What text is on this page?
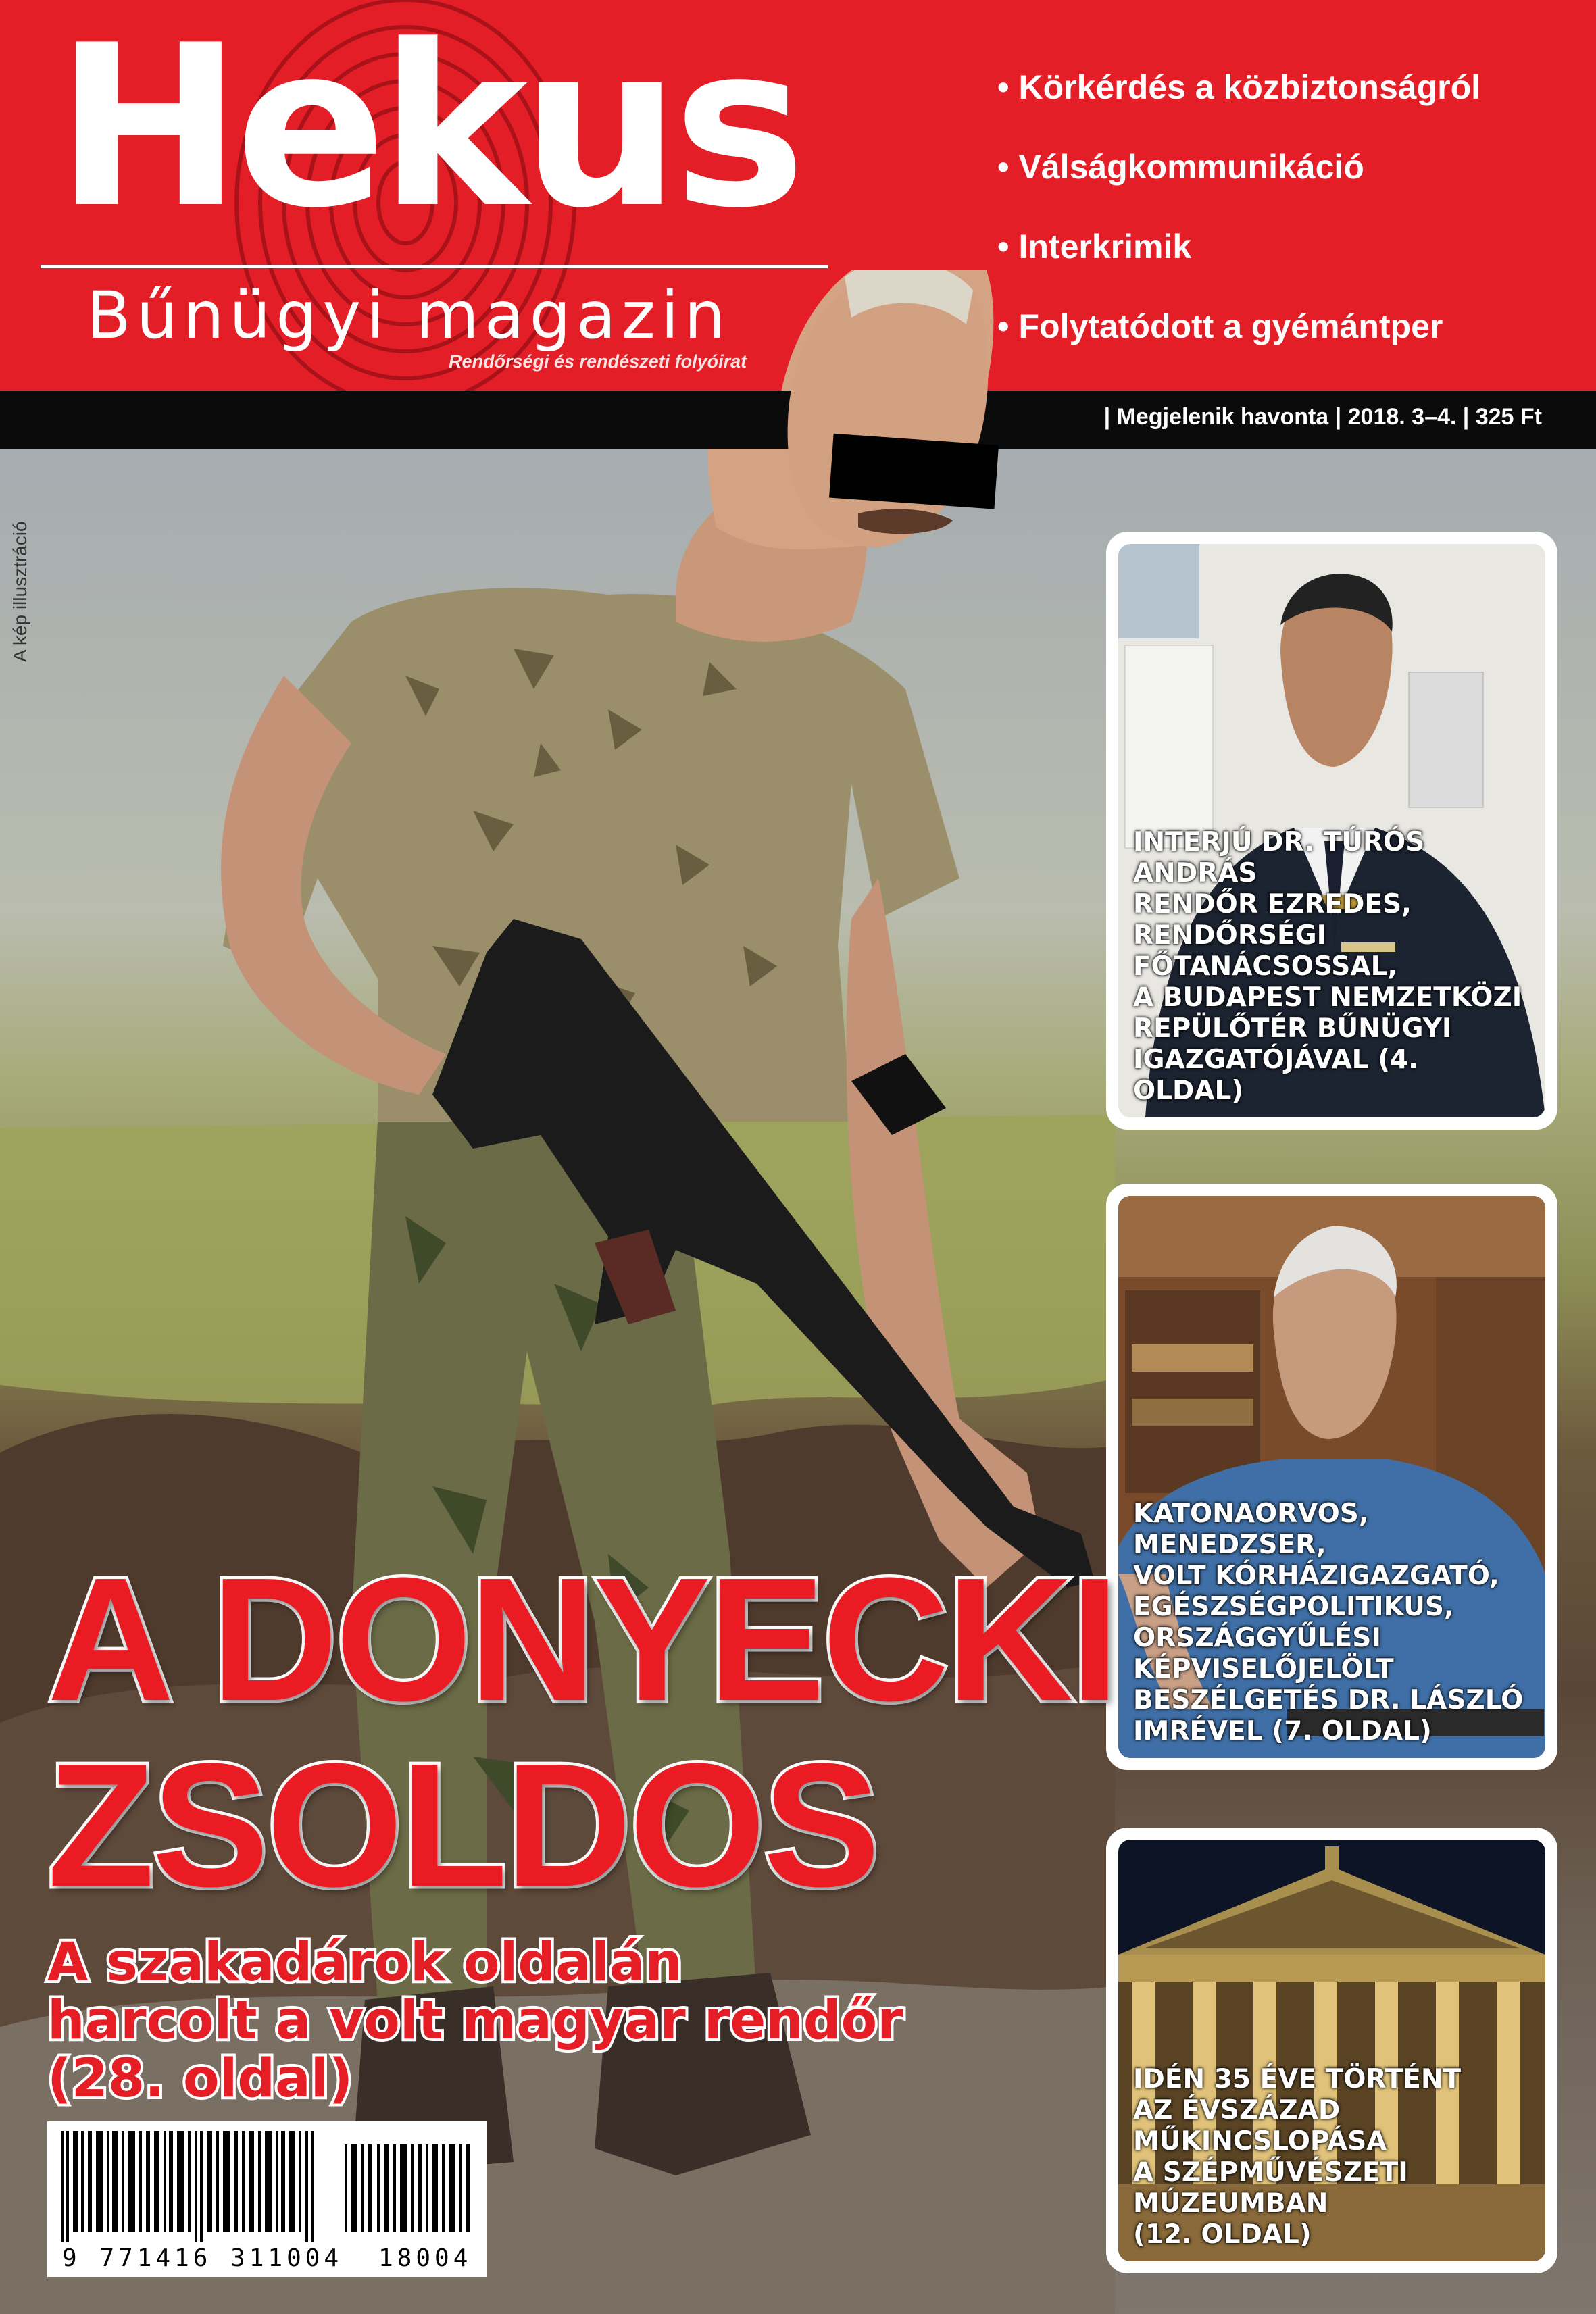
Hekus
Bűnügyi magazin
Rendőrségi és rendészeti folyóirat
• Körkérdés a közbiztonságról
• Válságkommunikáció
• Interkrimik
• Folytatódott a gyémántper
| Megjelenik havonta | 2018. 3–4. | 325 Ft
A kép illusztráció
INTERJÚ DR. TÚRÓS ANDRÁS
RENDŐR EZREDES, RENDŐRSÉGI
FŐTANÁCSOSSAL,
A BUDAPEST NEMZETKÖZI
REPÜLŐTÉR BŰNÜGYI
IGAZGATÓJÁVAL (4. OLDAL)
KATONAORVOS, MENEDZSER,
VOLT KÓRHÁZIGAZGATÓ,
EGÉSZSÉGPOLITIKUS,
ORSZÁGGYŰLÉSI
KÉPVISELŐJELÖLT
BESZÉLGETÉS DR. LÁSZLÓ
IMRÉVEL (7. OLDAL)
IDÉN 35 ÉVE TÖRTÉNT
AZ ÉVSZÁZAD MŰKINCSLOPÁSA
A SZÉPMŰVÉSZETI MÚZEUMBAN
(12. OLDAL)
A DONYECKI
ZSOLDOS
A szakadárok oldalán
harcolt a volt magyar rendőr
(28. oldal)
9 771416 311004 18004
